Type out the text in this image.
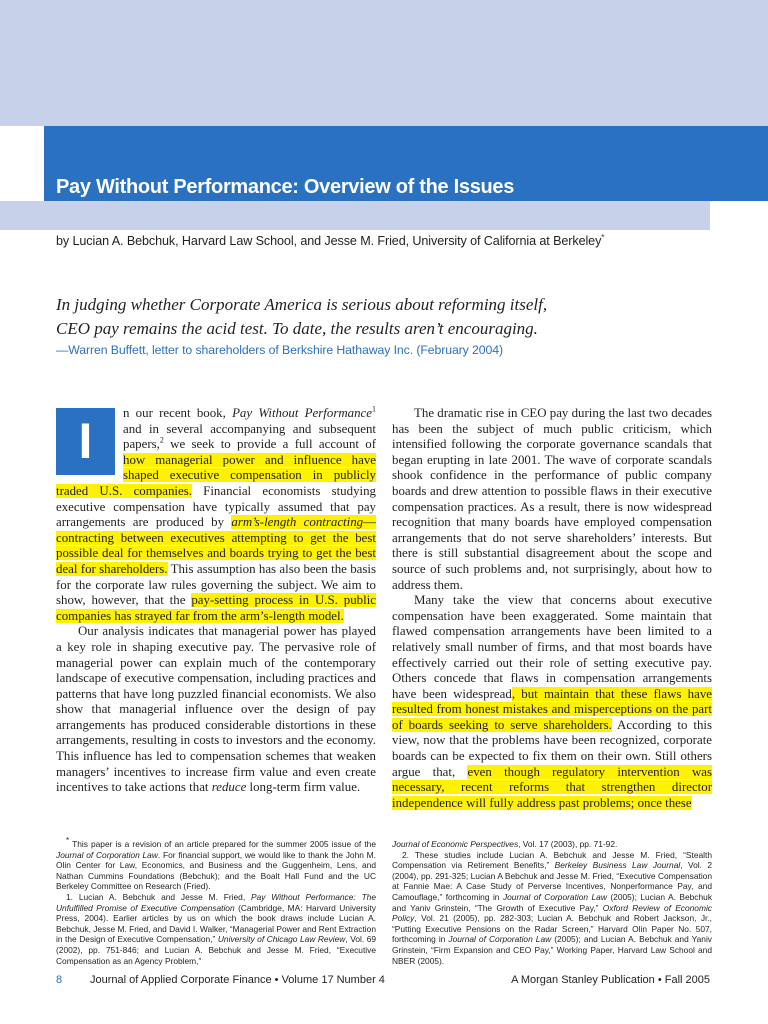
Pay Without Performance: Overview of the Issues
by Lucian A. Bebchuk, Harvard Law School, and Jesse M. Fried, University of California at Berkeley*
In judging whether Corporate America is serious about reforming itself,
CEO pay remains the acid test. To date, the results aren’t encouraging.
—Warren Buffett, letter to shareholders of Berkshire Hathaway Inc. (February 2004)
I	n our recent book, Pay Without Performance$^1$ and in several accompanying and subsequent papers,$^2$ we seek to provide a full account of how managerial power and influence have shaped executive compensation in publicly traded U.S. companies. Financial economists studying executive compensation have typically assumed that pay arrangements are produced by arm’s-length contracting—contracting between executives attempting to get the best possible deal for themselves and boards trying to get the best deal for shareholders. This assumption has also been the basis for the corporate law rules governing the subject. We aim to show, however, that the pay-setting process in U.S. public companies has strayed far from the arm’s-length model.

Our analysis indicates that managerial power has played a key role in shaping executive pay. The pervasive role of managerial power can explain much of the contemporary landscape of executive compensation, including practices and patterns that have long puzzled financial economists. We also show that managerial influence over the design of pay arrangements has produced considerable distortions in these arrangements, resulting in costs to investors and the economy. This influence has led to compensation schemes that weaken managers’ incentives to increase firm value and even create incentives to take actions that reduce long-term firm value.

The dramatic rise in CEO pay during the last two decades has been the subject of much public criticism, which intensified following the corporate governance scandals that began erupting in late 2001. The wave of corporate scandals shook confidence in the performance of public company boards and drew attention to possible flaws in their executive compensation practices. As a result, there is now widespread recognition that many boards have employed compensation arrangements that do not serve shareholders’ interests. But there is still substantial disagreement about the scope and source of such problems and, not surprisingly, about how to address them.

Many take the view that concerns about executive compensation have been exaggerated. Some maintain that flawed compensation arrangements have been limited to a relatively small number of firms, and that most boards have effectively carried out their role of setting executive pay. Others concede that flaws in compensation arrangements have been widespread, but maintain that these flaws have resulted from honest mistakes and misperceptions on the part of boards seeking to serve shareholders. According to this view, now that the problems have been recognized, corporate boards can be expected to fix them on their own. Still others argue that, even though regulatory intervention was necessary, recent reforms that strengthen director independence will fully address past problems; once these

* This paper is a revision of an article prepared for the summer 2005 issue of the Journal of Corporation Law. For financial support, we would like to thank the John M. Olin Center for Law, Economics, and Business and the Guggenheim, Lens, and Nathan Cummins Foundations (Bebchuk); and the Boalt Hall Fund and the UC Berkeley Committee on Research (Fried).

1. Lucian A. Bebchuk and Jesse M. Fried, Pay Without Performance: The Unfulfilled Promise of Executive Compensation (Cambridge, MA: Harvard University Press, 2004). Earlier articles by us on which the book draws include Lucian A. Bebchuk, Jesse M. Fried, and David I. Walker, “Managerial Power and Rent Extraction in the Design of Executive Compensation,” University of Chicago Law Review, Vol. 69 (2002), pp. 751-846; and Lucian A. Bebchuk and Jesse M. Fried, “Executive Compensation as an Agency Problem,”

Journal of Economic Perspectives, Vol. 17 (2003), pp. 71-92.

2. These studies include Lucian A. Bebchuk and Jesse M. Fried, “Stealth Compensation via Retirement Benefits,” Berkeley Business Law Journal, Vol. 2 (2004), pp. 291-325; Lucian A Bebchuk and Jesse M. Fried, “Executive Compensation at Fannie Mae: A Case Study of Perverse Incentives, Nonperformance Pay, and Camouflage,” forthcoming in Journal of Corporation Law (2005); Lucian A. Bebchuk and Yaniv Grinstein, “The Growth of Executive Pay,” Oxford Review of Economic Policy, Vol. 21 (2005), pp. 282-303; Lucian A. Bebchuk and Robert Jackson, Jr., “Putting Executive Pensions on the Radar Screen,” Harvard Olin Paper No. 507, forthcoming in Journal of Corporation Law (2005); and Lucian A. Bebchuk and Yaniv Grinstein, “Firm Expansion and CEO Pay,” Working Paper, Harvard Law School and NBER (2005).

8	Journal of Applied Corporate Finance • Volume 17 Number 4	A Morgan Stanley Publication • Fall 2005
